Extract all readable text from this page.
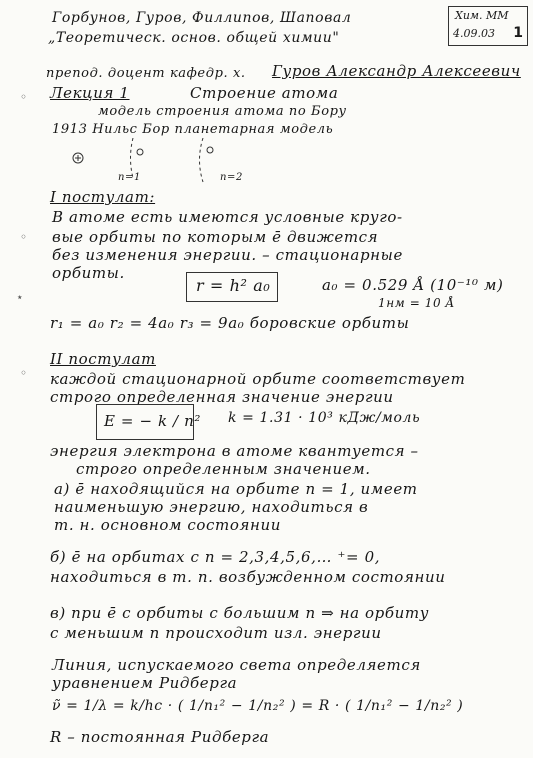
Хим. ММ
4.09.03 1
Горбунов, Гуров, Филлипов, Шаповал
„Теоретическ. основ. общей химии"
препод. доцент кафедр. х. Гуров Александр Алексеевич
Лекция 1	Строение атома
модель строения атома по Бору
1913 Нильс Бор планетарная модель
n=1	n=2
I постулат:
В атоме есть имеются условные круго-
вые орбиты по которым ē движется
без изменения энергии. – стационарные
орбиты.
r = h² a₀	a₀ = 0.529 Å (10⁻¹⁰ м)
1нм = 10 Å
r₁ = a₀ r₂ = 4a₀ r₃ = 9a₀ боровские орбиты
II постулат
каждой стационарной орбите соответствует
строго определенная значение энергии
E = − k / n² k = 1.31 · 10³ кДж/моль
энергия электрона в атоме квантуется –
строго определенным значением.
а) ē находящийся на орбите n = 1, имеет
наименьшую энергию, находиться в
т. н. основном состоянии
б) ē на орбитах с n = 2,3,4,5,6,… ⁺= 0,
находиться в т. п. возбужденном состоянии
в) при ē с орбиты с большим n ⇒ на орбиту
с меньшим n происходит изл. энергии
Линия, испускаемого света определяется
уравнением Ридберга
ν̃ = 1/λ = k/hc · ( 1/n₁² − 1/n₂² ) = R · ( 1/n₁² − 1/n₂² )
R – постоянная Ридберга
◦
◦
⋆
◦
